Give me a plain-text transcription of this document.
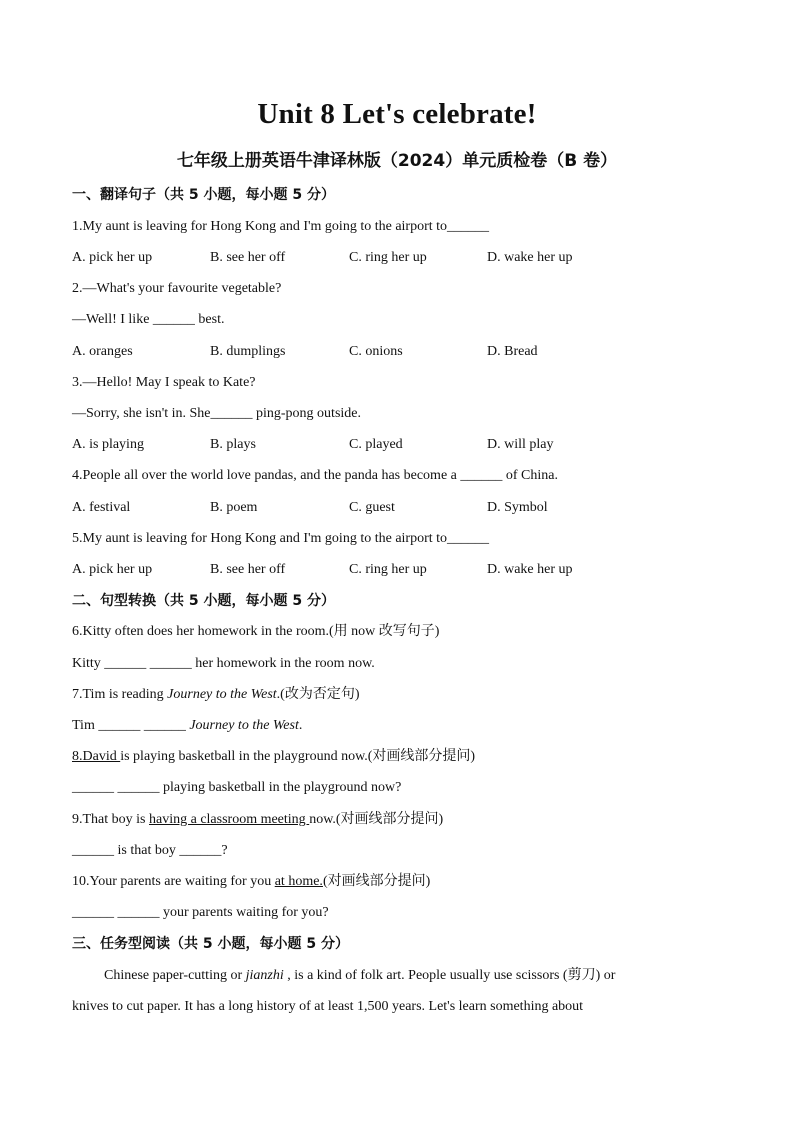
Unit 8 Let's celebrate!
七年级上册英语牛津译林版（2024）单元质检卷（B 卷）
一、翻译句子（共 5 小题，每小题 5 分）
1.My aunt is leaving for Hong Kong and I'm going to the airport to______
A. pick her up	B. see her off	C. ring her up	D. wake her up
2.—What's your favourite vegetable?
—Well! I like ______ best.
A. oranges	B. dumplings	C. onions	D. Bread
3.—Hello! May I speak to Kate?
—Sorry, she isn't in. She______ ping-pong outside.
A. is playing	B. plays	C. played	D. will play
4.People all over the world love pandas, and the panda has become a ______ of China.
A. festival	B. poem	C. guest	D. Symbol
5.My aunt is leaving for Hong Kong and I'm going to the airport to______
A. pick her up	B. see her off	C. ring her up	D. wake her up
二、句型转换（共 5 小题，每小题 5 分）
6.Kitty often does her homework in the room.(用 now 改写句子)
Kitty ______ ______ her homework in the room now.
7.Tim is reading Journey to the West.(改为否定句)
Tim ______ ______ Journey to the West.
8.David is playing basketball in the playground now.(对画线部分提问)
______ ______ playing basketball in the playground now?
9.That boy is having a classroom meeting now.(对画线部分提问)
______ is that boy ______?
10.Your parents are waiting for you at home.(对画线部分提问)
______ ______ your parents waiting for you?
三、任务型阅读（共 5 小题，每小题 5 分）
Chinese paper-cutting or jianzhi , is a kind of folk art. People usually use scissors (剪刀) or
knives to cut paper. It has a long history of at least 1,500 years. Let's learn something about
